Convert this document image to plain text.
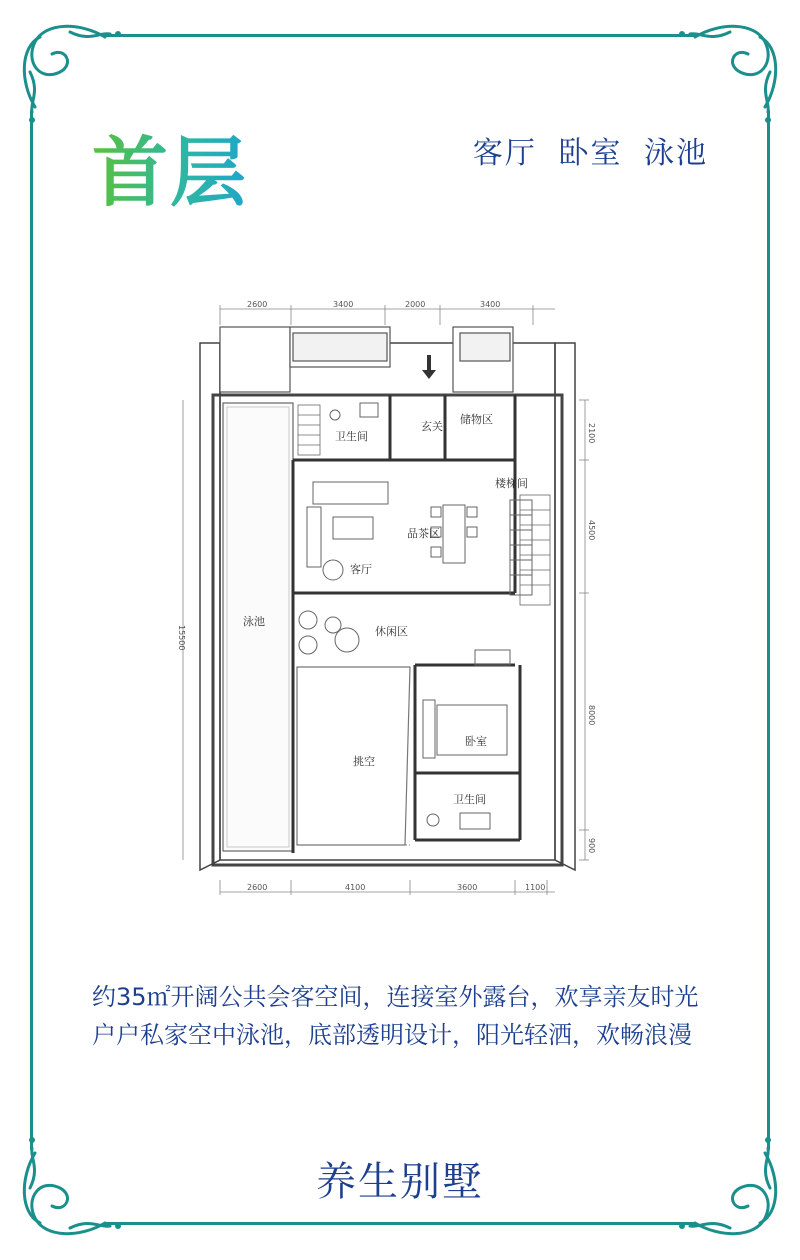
首层	客厅 卧室 泳池
2600	3400	2000	3400
2600	4100	3600	1100
15500
2100
4500
8000
900
玄关
储物区
卫生间
楼梯间
品茶区
客厅
泳池
休闲区
挑空
卧室
卫生间
约35㎡开阔公共会客空间，连接室外露台，欢享亲友时光
户户私家空中泳池，底部透明设计，阳光轻洒，欢畅浪漫
养生别墅
